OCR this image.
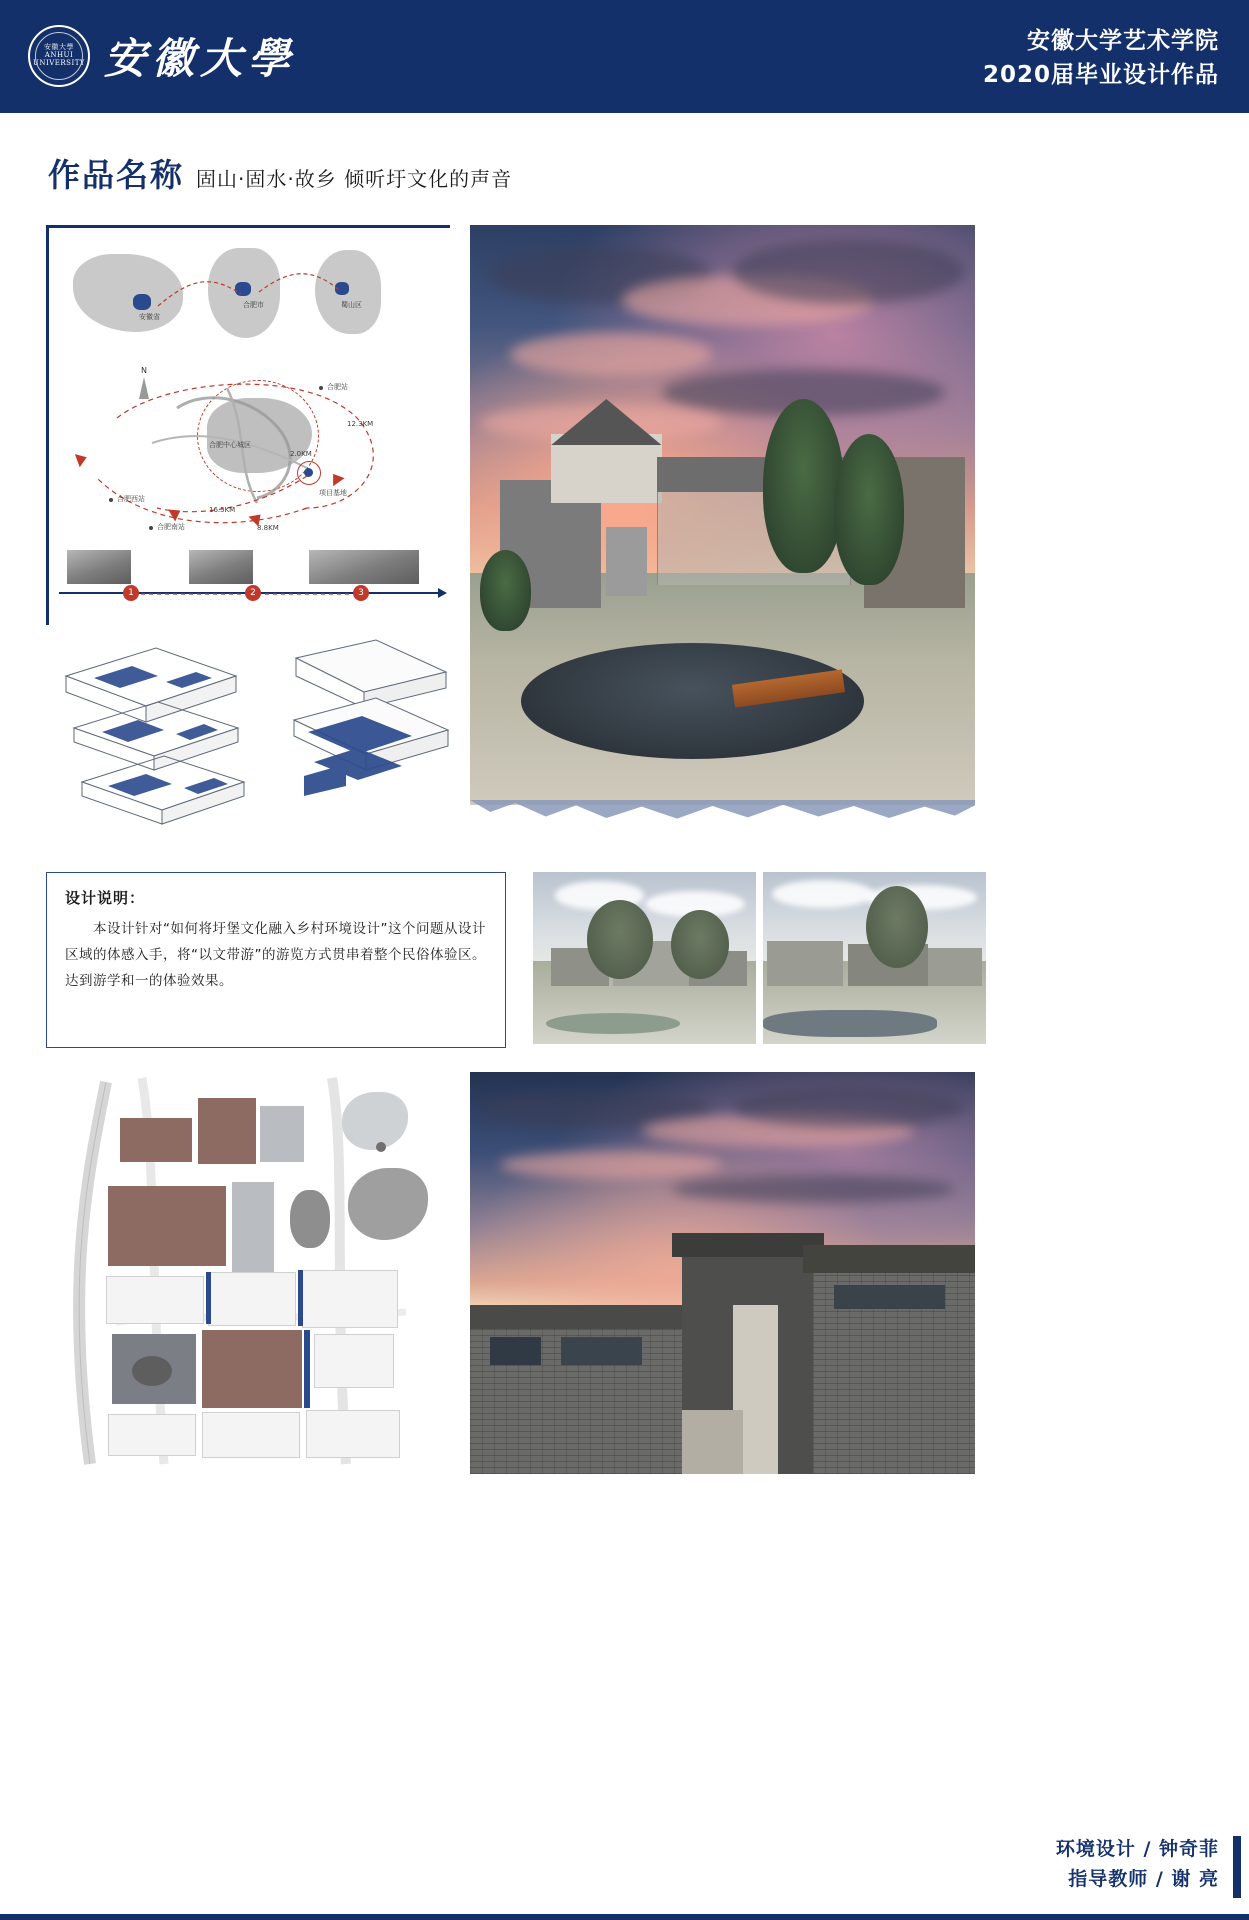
安徽大學 ANHUI UNIVERSITY 安徽大學	安徽大学艺术学院
2020届毕业设计作品
作品名称 固山·固水·故乡 倾听圩文化的声音
安徽省
合肥市	蜀山区
N
合肥中心城区
合肥站
合肥西站
合肥南站
项目基地
12.3KM
2.0KM
16.5KM
8.8KM
1	2	3
设计说明：
本设计针对“如何将圩堡文化融入乡村环境设计”这个问题从设计区域的体感入手，将“以文带游”的游览方式贯串着整个民俗体验区。达到游学和一的体验效果。
环境设计 / 钟奇菲
指导教师 / 谢 亮
